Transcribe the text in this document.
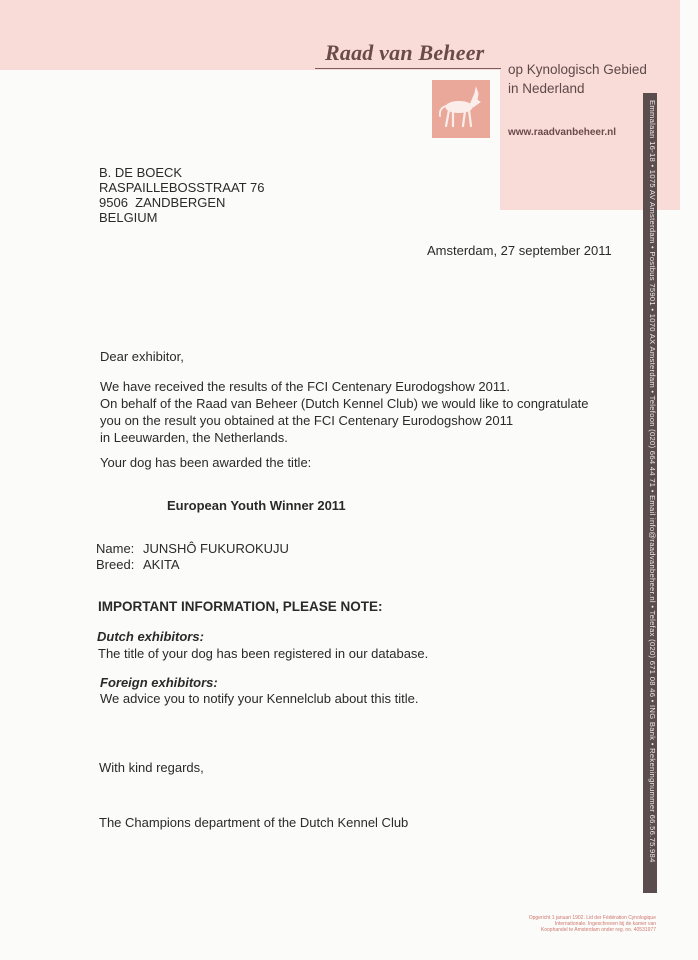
Raad van Beheer
op Kynologisch Gebied
in Nederland
www.raadvanbeheer.nl	Emmalaan 16-18 • 1075 AV Amsterdam • Postbus 75901 • 1070 AX Amsterdam • Telefoon (020) 664 44 71 • Email info@raadvanbeheer.nl • Telefax (020) 671 08 46 • ING Bank • Rekeningnummer 66.56.75.984
B. DE BOECK
RASPAILLEBOSSTRAAT 76
9506  ZANDBERGEN
BELGIUM
Amsterdam, 27 september 2011
Dear exhibitor,
We have received the results of the FCI Centenary Eurodogshow 2011.
On behalf of the Raad van Beheer (Dutch Kennel Club) we would like to congratulate
you on the result you obtained at the FCI Centenary Eurodogshow 2011
in Leeuwarden, the Netherlands.
Your dog has been awarded the title:
European Youth Winner 2011
Name: JUNSHÔ FUKUROKUJU
Breed: AKITA
IMPORTANT INFORMATION, PLEASE NOTE:
Dutch exhibitors:
The title of your dog has been registered in our database.
Foreign exhibitors:
We advice you to notify your Kennelclub about this title.
With kind regards,
The Champions department of the Dutch Kennel Club
Opgericht 1 januari 1902. Lid der Fédération Cynologique
Internationale. Ingeschreven bij de kamer van
Koophandel te Amsterdam onder reg. no. 40531977
